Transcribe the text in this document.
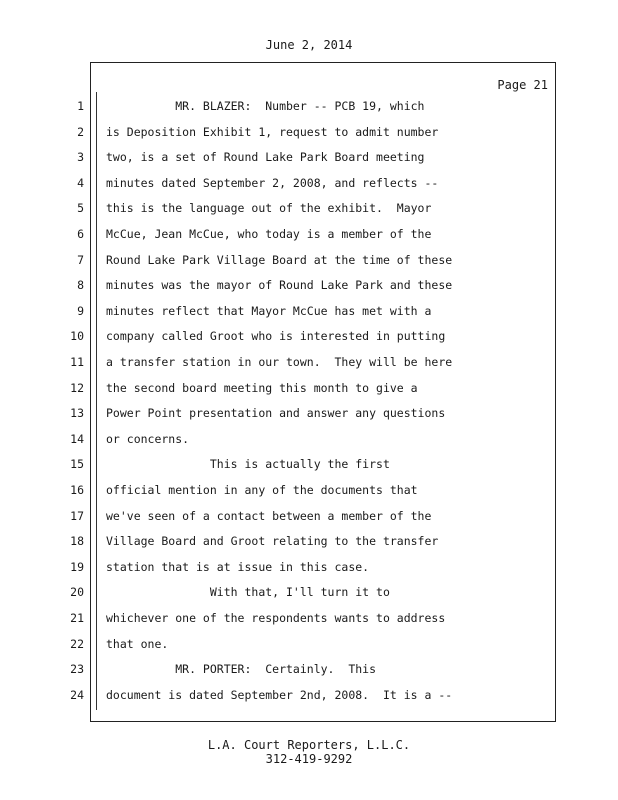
June 2, 2014
Page 21
1 MR. BLAZER:  Number -- PCB 19, which
2 is Deposition Exhibit 1, request to admit number
3 two, is a set of Round Lake Park Board meeting
4 minutes dated September 2, 2008, and reflects --
5 this is the language out of the exhibit.  Mayor
6 McCue, Jean McCue, who today is a member of the
7 Round Lake Park Village Board at the time of these
8 minutes was the mayor of Round Lake Park and these
9 minutes reflect that Mayor McCue has met with a
10 company called Groot who is interested in putting
11 a transfer station in our town.  They will be here
12 the second board meeting this month to give a
13 Power Point presentation and answer any questions
14 or concerns.
15 This is actually the first
16 official mention in any of the documents that
17 we've seen of a contact between a member of the
18 Village Board and Groot relating to the transfer
19 station that is at issue in this case.
20 With that, I'll turn it to
21 whichever one of the respondents wants to address
22 that one.
23 MR. PORTER:  Certainly.  This
24 document is dated September 2nd, 2008.  It is a --
L.A. Court Reporters, L.L.C.
312-419-9292
